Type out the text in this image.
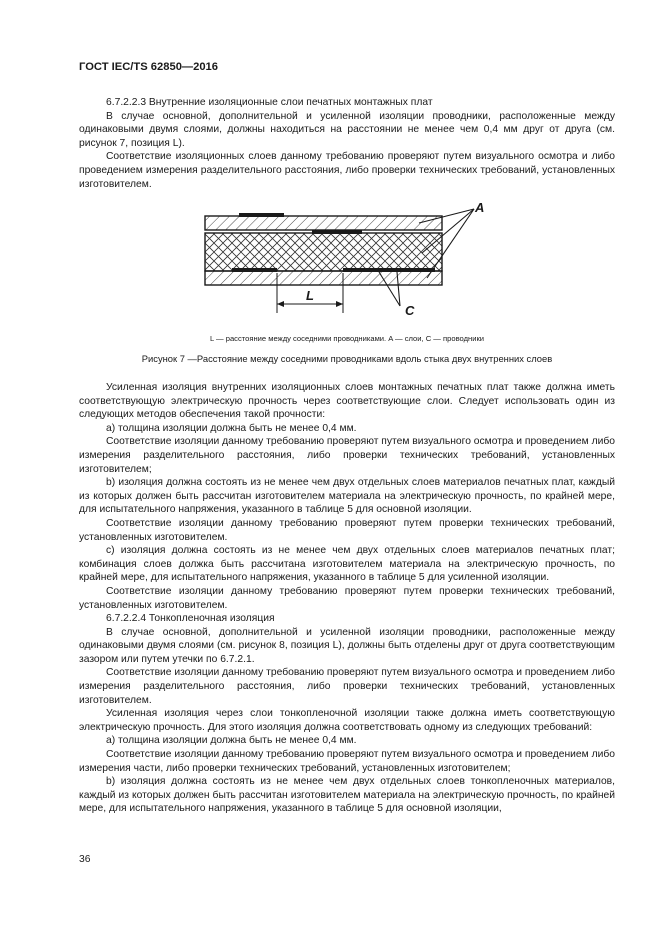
ГОСТ IEC/TS 62850—2016

6.7.2.2.3 Внутренние изоляционные слои печатных монтажных плат

В случае основной, дополнительной и усиленной изоляции проводники, расположенные между одинаковыми двумя слоями, должны находиться на расстоянии не менее чем 0,4 мм друг от друга (см. рисунок 7, позиция L).

Соответствие изоляционных слоев данному требованию проверяют путем визуального осмотра и либо проведением измерения разделительного расстояния, либо проверки технических требований, установленных изготовителем.

L
A
C
L — расстояние между соседними проводниками. A — слои, C — проводники
Рисунок 7 —Расстояние между соседними проводниками вдоль стыка двух внутренних слоев

Усиленная изоляция внутренних изоляционных слоев монтажных печатных плат также должна иметь соответствующую электрическую прочность через соответствующие слои. Следует использовать один из следующих методов обеспечения такой прочности:

а) толщина изоляции должна быть не менее 0,4 мм.

Соответствие изоляции данному требованию проверяют путем визуального осмотра и проведением либо измерения разделительного расстояния, либо проверки технических требований, установленных изготовителем;

b) изоляция должна состоять из не менее чем двух отдельных слоев материалов печатных плат, каждый из которых должен быть рассчитан изготовителем материала на электрическую прочность, по крайней мере, для испытательного напряжения, указанного в таблице 5 для основной изоляции.

Соответствие изоляции данному требованию проверяют путем проверки технических требований, установленных изготовителем.

c) изоляция должна состоять из не менее чем двух отдельных слоев материалов печатных плат; комбинация слоев должка быть рассчитана изготовителем материала на электрическую прочность, по крайней мере, для испытательного напряжения, указанного в таблице 5 для усиленной изоляции.

Соответствие изоляции данному требованию проверяют путем проверки технических требований, установленных изготовителем.

6.7.2.2.4 Тонкопленочная изоляция

В случае основной, дополнительной и усиленной изоляции проводники, расположенные между одинаковыми двумя слоями (см. рисунок 8, позиция L), должны быть отделены друг от друга соответствующим зазором или путем утечки по 6.7.2.1.

Соответствие изоляции данному требованию проверяют путем визуального осмотра и проведением либо измерения разделительного расстояния, либо проверки технических требований, установленных изготовителем.

Усиленная изоляция через слои тонкопленочной изоляции также должна иметь соответствующую электрическую прочность. Для этого изоляция должна соответствовать одному из следующих требований:

а) толщина изоляции должна быть не менее 0,4 мм.

Соответствие изоляции данному требованию проверяют путем визуального осмотра и проведением либо измерения части, либо проверки технических требований, установленных изготовителем;

b) изоляция должна состоять из не менее чем двух отдельных слоев тонкопленочных материалов, каждый из которых должен быть рассчитан изготовителем материала на электрическую прочность, по крайней мере, для испытательного напряжения, указанного в таблице 5 для основной изоляции,

36
